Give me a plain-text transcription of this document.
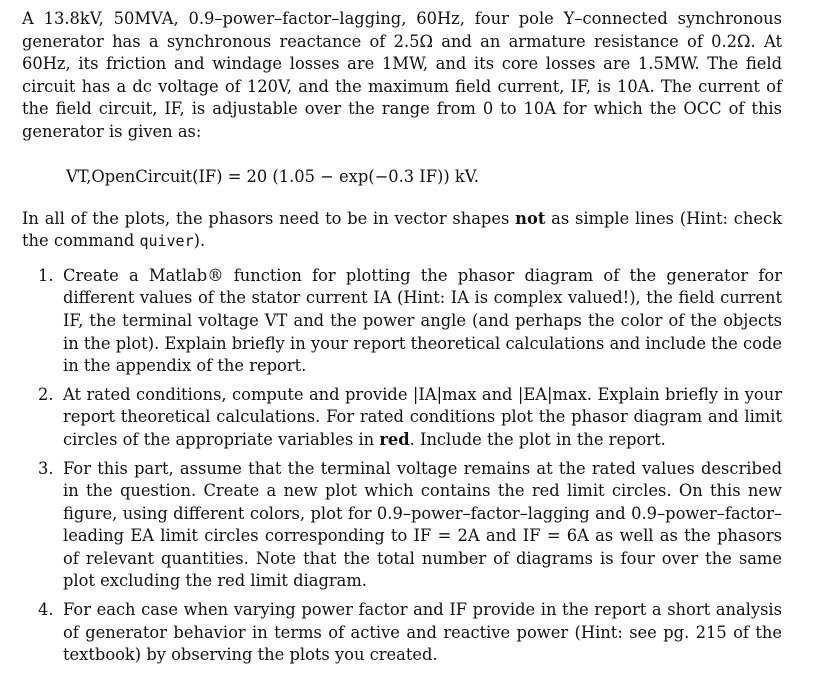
A 13.8kV, 50MVA, 0.9–power–factor–lagging, 60Hz, four pole Y–connected synchronous generator has a synchronous reactance of 2.5Ω and an armature resistance of 0.2Ω. At 60Hz, its friction and windage losses are 1MW, and its core losses are 1.5MW. The field circuit has a dc voltage of 120V, and the maximum field current, IF, is 10A. The current of the field circuit, IF, is adjustable over the range from 0 to 10A for which the OCC of this generator is given as:

VT,OpenCircuit(IF) = 20 (1.05 − exp(−0.3 IF)) kV.

In all of the plots, the phasors need to be in vector shapes not as simple lines (Hint: check the command quiver).

1. Create a Matlab® function for plotting the phasor diagram of the generator for different values of the stator current IA (Hint: IA is complex valued!), the field current IF, the terminal voltage VT and the power angle (and perhaps the color of the objects in the plot). Explain briefly in your report theoretical calculations and include the code in the appendix of the report.
2. At rated conditions, compute and provide |IA|max and |EA|max. Explain briefly in your report theoretical calculations. For rated conditions plot the phasor diagram and limit circles of the appropriate variables in red. Include the plot in the report.
3. For this part, assume that the terminal voltage remains at the rated values described in the question. Create a new plot which contains the red limit circles. On this new figure, using different colors, plot for 0.9–power–factor–lagging and 0.9–power–factor–leading EA limit circles corresponding to IF = 2A and IF = 6A as well as the phasors of relevant quantities. Note that the total number of diagrams is four over the same plot excluding the red limit diagram.
4. For each case when varying power factor and IF provide in the report a short analysis of generator behavior in terms of active and reactive power (Hint: see pg. 215 of the textbook) by observing the plots you created.
